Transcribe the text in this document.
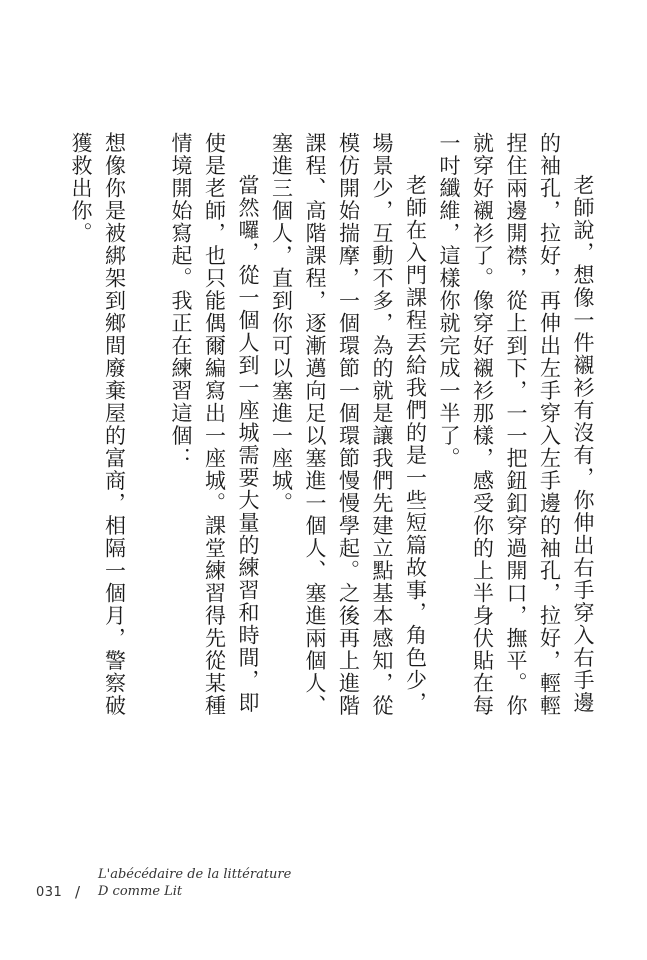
老師說，想像一件襯衫有沒有，你伸出右手穿入右手邊的袖孔，拉好，再伸出左手穿入左手邊的袖孔，拉好，輕輕捏住兩邊開襟，從上到下，一一把鈕釦穿過開口，撫平。你就穿好襯衫了。像穿好襯衫那樣，感受你的上半身伏貼在每一吋纖維，這樣你就完成一半了。

老師在入門課程丟給我們的是一些短篇故事，角色少，場景少，互動不多，為的就是讓我們先建立點基本感知，從模仿開始揣摩，一個環節一個環節慢慢學起。之後再上進階課程、高階課程，逐漸邁向足以塞進一個人、塞進兩個人、塞進三個人，直到你可以塞進一座城。

當然囉，從一個人到一座城需要大量的練習和時間，即使是老師，也只能偶爾編寫出一座城。課堂練習得先從某種情境開始寫起。我正在練習這個：

想像你是被綁架到鄉間廢棄屋的富商，相隔一個月，警察破獲救出你。

031 /
L'abécédaire de la littérature
D comme Lit
